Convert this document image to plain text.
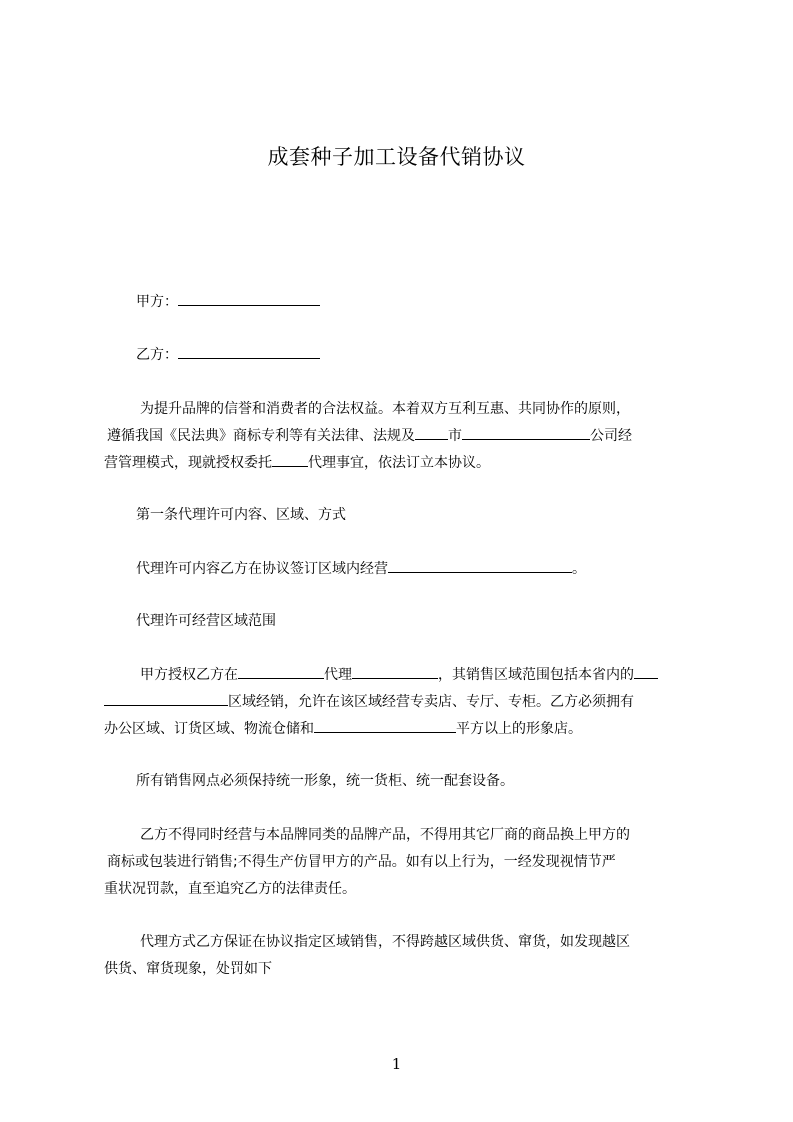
成套种子加工设备代销协议
甲方：
乙方：
为提升品牌的信誉和消费者的合法权益。本着双方互利互惠、共同协作的原则，
遵循我国《民法典》商标专利等有关法律、法规及 市	公司经
营管理模式，现就授权委托	代理事宜，依法订立本协议。
第一条代理许可内容、区域、方式
代理许可内容乙方在协议签订区域内经营	。
代理许可经营区域范围
甲方授权乙方在	代理	，其销售区域范围包括本省内的
区域经销，允许在该区域经营专卖店、专厅、专柜。乙方必须拥有
办公区域、订货区域、物流仓储和	平方以上的形象店。
所有销售网点必须保持统一形象，统一货柜、统一配套设备。
乙方不得同时经营与本品牌同类的品牌产品，不得用其它厂商的商品换上甲方的
商标或包装进行销售;不得生产仿冒甲方的产品。如有以上行为，一经发现视情节严
重状况罚款，直至追究乙方的法律责任。
代理方式乙方保证在协议指定区域销售，不得跨越区域供货、窜货，如发现越区
供货、窜货现象，处罚如下
1
